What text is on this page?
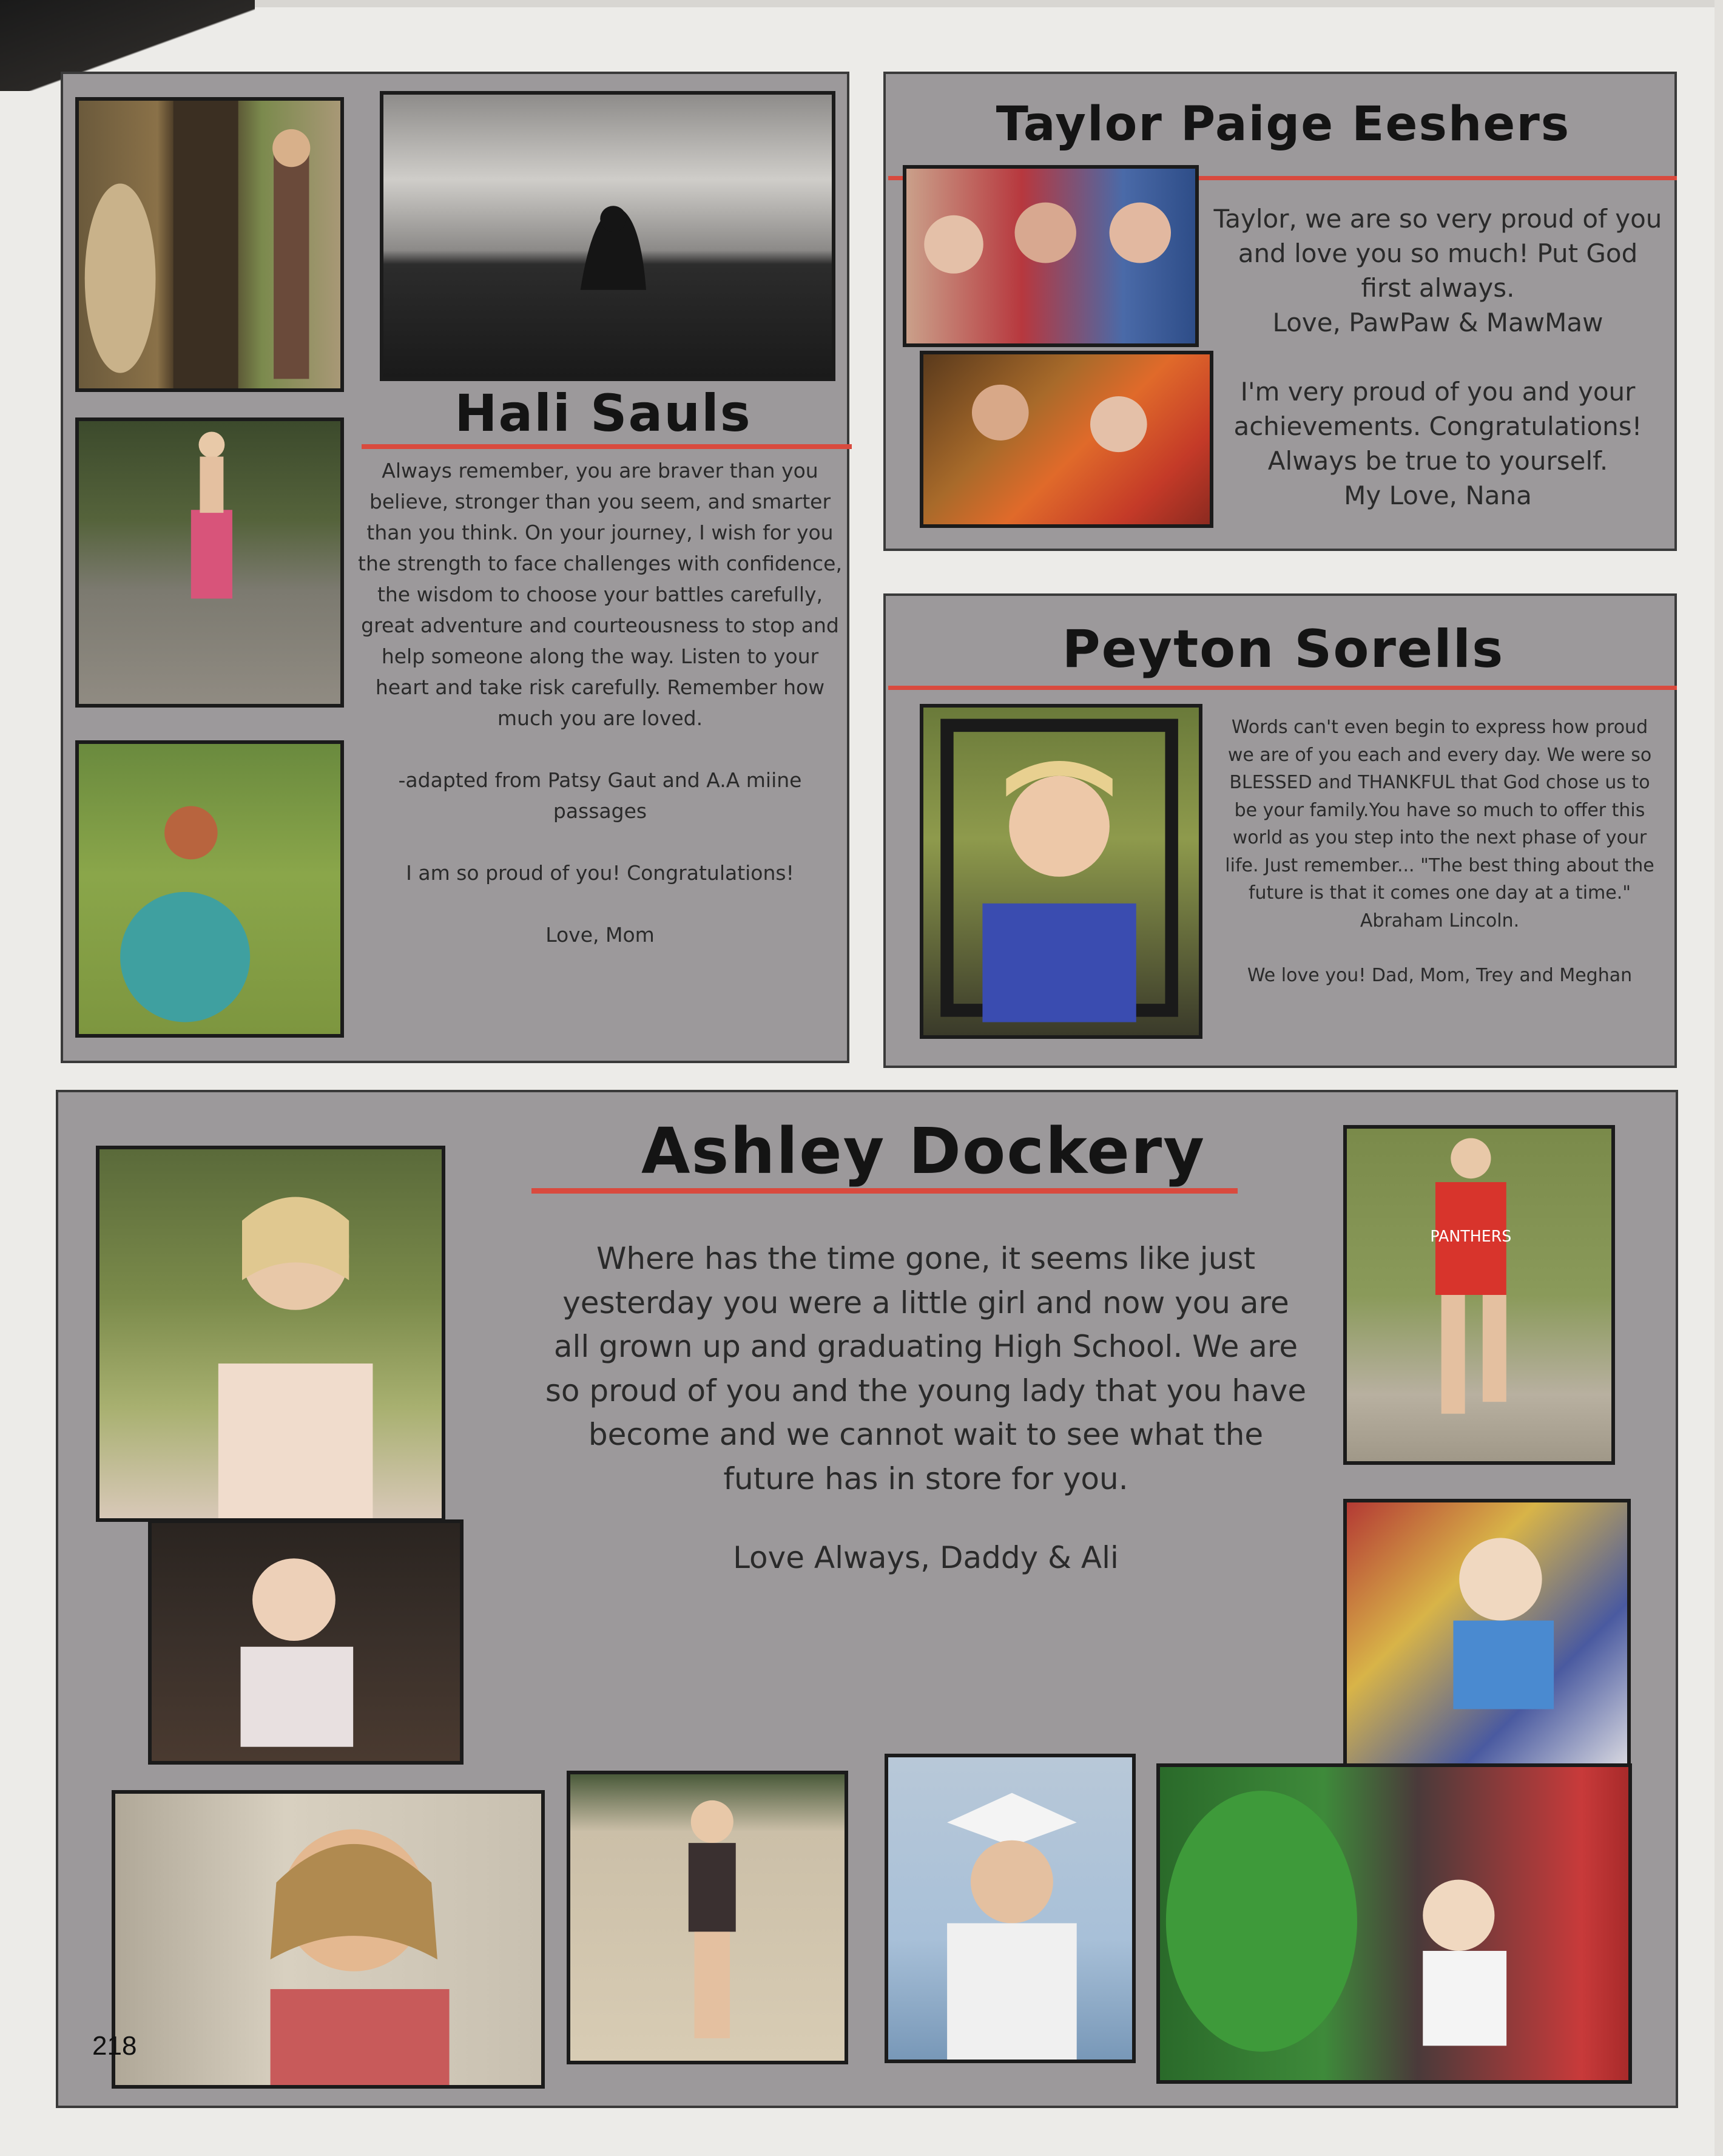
Hali Sauls

Always remember, you are braver than you believe, stronger than you seem, and smarter than you think. On your journey, I wish for you the strength to face challenges with confidence, the wisdom to choose your battles carefully, great adventure and courteousness to stop and help someone along the way. Listen to your heart and take risk carefully. Remember how much you are loved.

-adapted from Patsy Gaut and A.A miine passages

I am so proud of you! Congratulations!

Love, Mom

Taylor Paige Eeshers

Taylor, we are so very proud of you and love you so much! Put God first always.

Love, PawPaw & MawMaw

I'm very proud of you and your achievements. Congratulations! Always be true to yourself.

My Love, Nana

Peyton Sorells

Words can't even begin to express how proud we are of you each and every day. We were so BLESSED and THANKFUL that God chose us to be your family.You have so much to offer this world as you step into the next phase of your life. Just remember... "The best thing about the future is that it comes one day at a time." Abraham Lincoln.

We love you! Dad, Mom, Trey and Meghan

Ashley Dockery

Where has the time gone, it seems like just yesterday you were a little girl and now you are all grown up and graduating High School. We are so proud of you and the young lady that you have become and we cannot wait to see what the future has in store for you.

Love Always, Daddy & Ali

PANTHERS
218
